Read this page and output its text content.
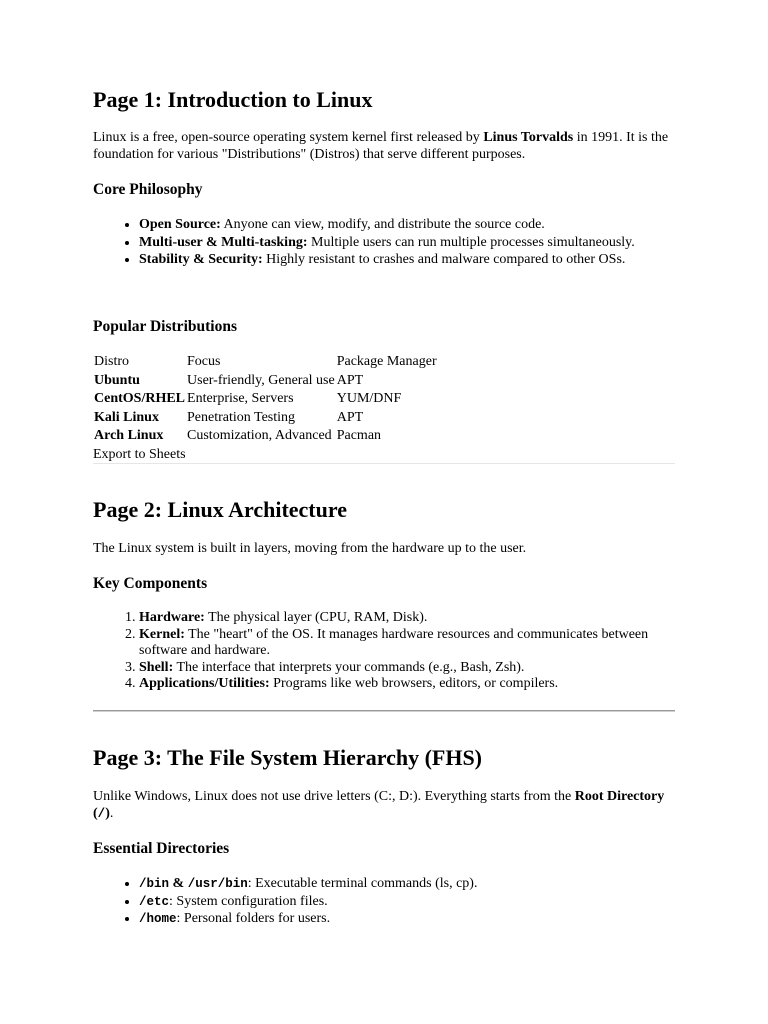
Page 1: Introduction to Linux

Linux is a free, open-source operating system kernel first released by Linus Torvalds in 1991. It is the foundation for various "Distributions" (Distros) that serve different purposes.

Core Philosophy
• Open Source: Anyone can view, modify, and distribute the source code.
• Multi-user & Multi-tasking: Multiple users can run multiple processes simultaneously.
• Stability & Security: Highly resistant to crashes and malware compared to other OSs.
Popular Distributions
Distro	Focus	Package Manager
Ubuntu	User-friendly, General use	APT
CentOS/RHEL	Enterprise, Servers	YUM/DNF
Kali Linux	Penetration Testing	APT
Arch Linux	Customization, Advanced	Pacman

Export to Sheets

Page 2: Linux Architecture

The Linux system is built in layers, moving from the hardware up to the user.

Key Components
1. Hardware: The physical layer (CPU, RAM, Disk).
2. Kernel: The "heart" of the OS. It manages hardware resources and communicates between software and hardware.
3. Shell: The interface that interprets your commands (e.g., Bash, Zsh).
4. Applications/Utilities: Programs like web browsers, editors, or compilers.
Page 3: The File System Hierarchy (FHS)

Unlike Windows, Linux does not use drive letters (C:, D:). Everything starts from the Root Directory (/).

Essential Directories
• /bin & /usr/bin: Executable terminal commands (ls, cp).
• /etc: System configuration files.
• /home: Personal folders for users.
